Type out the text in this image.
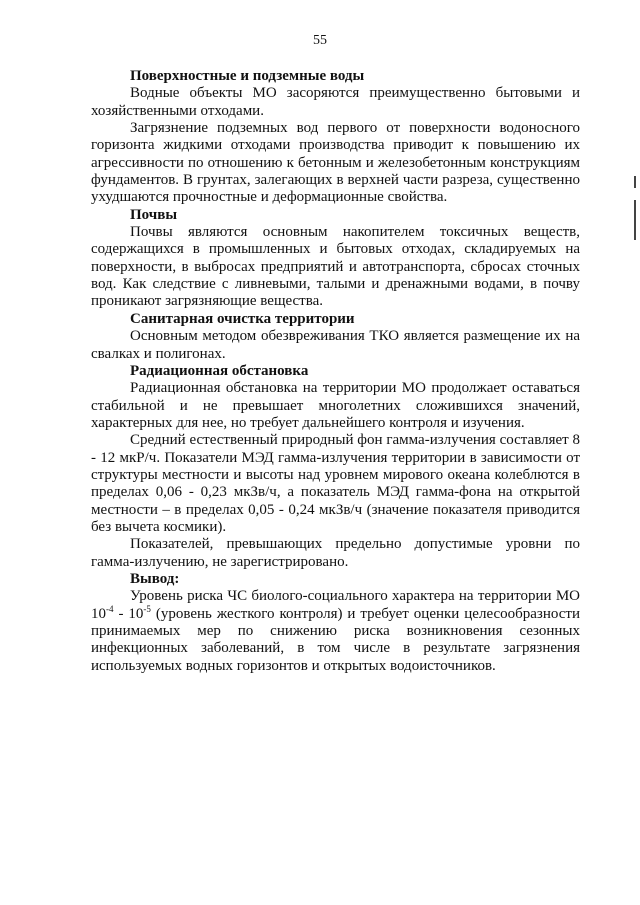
55
Поверхностные и подземные воды

Водные объекты МО засоряются преимущественно бытовыми и хозяйственными отходами.

Загрязнение подземных вод первого от поверхности водоносного горизонта жидкими отходами производства приводит к повышению их агрессивности по отношению к бетонным и железобетонным конструкциям фундаментов. В грунтах, залегающих в верхней части разреза, существенно ухудшаются прочностные и деформационные свойства.

Почвы

Почвы являются основным накопителем токсичных веществ, содержащихся в промышленных и бытовых отходах, складируемых на поверхности, в выбросах предприятий и автотранспорта, сбросах сточных вод. Как следствие с ливневыми, талыми и дренажными водами, в почву проникают загрязняющие вещества.

Санитарная очистка территории

Основным методом обезвреживания ТКО является размещение их на свалках и полигонах.

Радиационная обстановка

Радиационная обстановка на территории МО продолжает оставаться стабильной и не превышает многолетних сложившихся значений, характерных для нее, но требует дальнейшего контроля и изучения.

Средний естественный природный фон гамма-излучения составляет 8 - 12 мкР/ч. Показатели МЭД гамма-излучения территории в зависимости от структуры местности и высоты над уровнем мирового океана колеблются в пределах 0,06 - 0,23 мкЗв/ч, а показатель МЭД гамма-фона на открытой местности – в пределах 0,05 - 0,24 мкЗв/ч (значение показателя приводится без вычета космики).

Показателей, превышающих предельно допустимые уровни по гамма-излучению, не зарегистрировано.

Вывод:

Уровень риска ЧС биолого-социального характера на территории МО $10^{-4} - 10^{-5}$ (уровень жесткого контроля) и требует оценки целесообразности принимаемых мер по снижению риска возникновения сезонных инфекционных заболеваний, в том числе в результате загрязнения используемых водных горизонтов и открытых водоисточников.
